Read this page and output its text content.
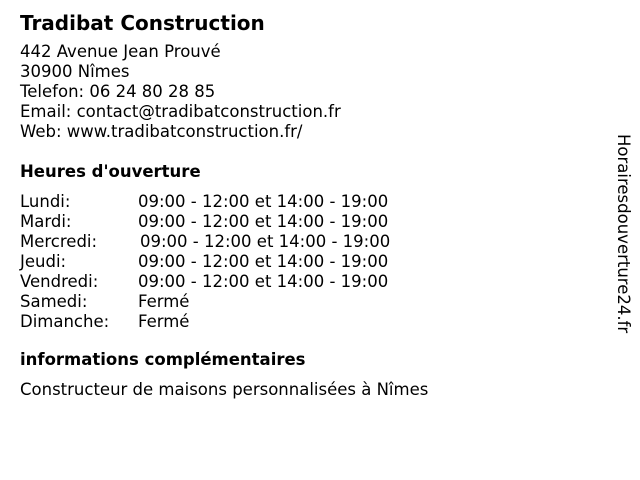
Tradibat Construction
442 Avenue Jean Prouvé
30900 Nîmes
Telefon: 06 24 80 28 85
Email: contact@tradibatconstruction.fr
Web: www.tradibatconstruction.fr/
Heures d'ouverture
Lundi:	09:00 - 12:00 et 14:00 - 19:00
Mardi:	09:00 - 12:00 et 14:00 - 19:00
Mercredi:	09:00 - 12:00 et 14:00 - 19:00
Jeudi:	09:00 - 12:00 et 14:00 - 19:00
Vendredi:	09:00 - 12:00 et 14:00 - 19:00
Samedi:	Fermé
Dimanche:	Fermé
informations complémentaires
Constructeur de maisons personnalisées à Nîmes
Horairesdouverture24.fr
